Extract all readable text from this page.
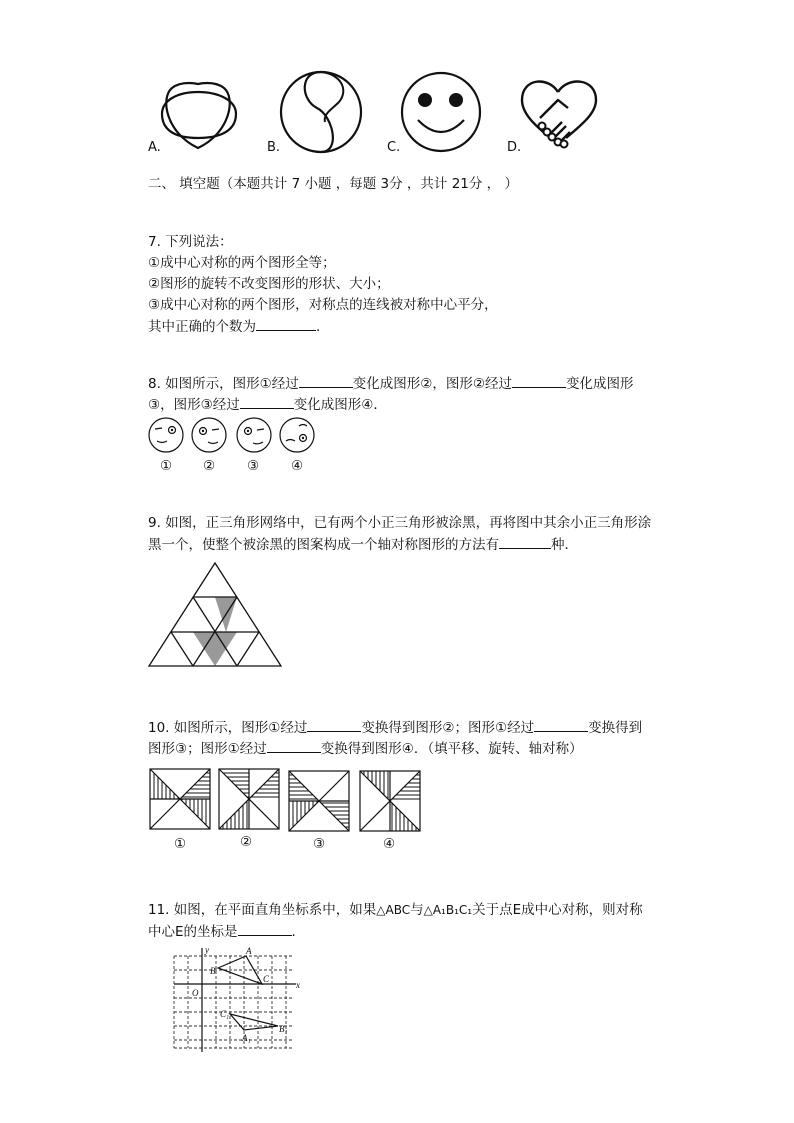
A.	B.	C.	D.
二、 填空题（本题共计 7 小题 ，每题 3分 ，共计 21分 ， ）
7. 下列说法：
①成中心对称的两个图形全等；
②图形的旋转不改变图形的形状、大小；
③成中心对称的两个图形，对称点的连线被对称中心平分，
其中正确的个数为	.
8. 如图所示，图形①经过	变化成图形②，图形②经过	变化成图形
③，图形③经过	变化成图形④．
① ② ③ ④
9. 如图，正三角形网络中，已有两个小正三角形被涂黑，再将图中其余小正三角形涂
黑一个，使整个被涂黑的图案构成一个轴对称图形的方法有	种．
10. 如图所示，图形①经过	变换得到图形②；图形①经过	变换得到
图形③；图形①经过	变换得到图形④．（填平移、旋转、轴对称）
①	②	③	④
11. 如图，在平面直角坐标系中，如果△ABC与△A₁B₁C₁关于点E成中心对称，则对称
中心E的坐标是	.
y
x
O
A
B
C
A₁
B₁
C₁
